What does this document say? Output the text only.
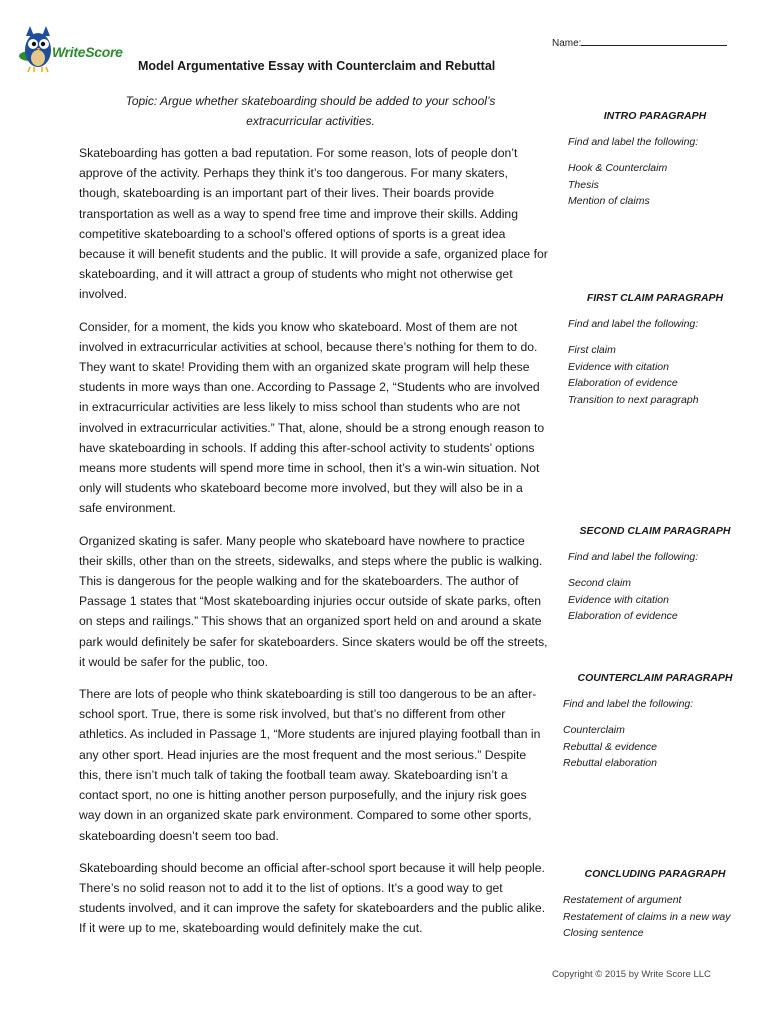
WriteScore
Name:
Model Argumentative Essay with Counterclaim and Rebuttal
Topic: Argue whether skateboarding should be added to your school’s extracurricular activities.

Skateboarding has gotten a bad reputation. For some reason, lots of people don’t approve of the activity. Perhaps they think it’s too dangerous. For many skaters, though, skateboarding is an important part of their lives. Their boards provide transportation as well as a way to spend free time and improve their skills. Adding competitive skateboarding to a school’s offered options of sports is a great idea because it will benefit students and the public. It will provide a safe, organized place for skateboarding, and it will attract a group of students who might not otherwise get involved.

Consider, for a moment, the kids you know who skateboard. Most of them are not involved in extracurricular activities at school, because there’s nothing for them to do. They want to skate! Providing them with an organized skate program will help these students in more ways than one. According to Passage 2, “Students who are involved in extracurricular activities are less likely to miss school than students who are not involved in extracurricular activities.” That, alone, should be a strong enough reason to have skateboarding in schools. If adding this after-school activity to students’ options means more students will spend more time in school, then it’s a win-win situation. Not only will students who skateboard become more involved, but they will also be in a safe environment.

Organized skating is safer. Many people who skateboard have nowhere to practice their skills, other than on the streets, sidewalks, and steps where the public is walking. This is dangerous for the people walking and for the skateboarders. The author of Passage 1 states that “Most skateboarding injuries occur outside of skate parks, often on steps and railings.” This shows that an organized sport held on and around a skate park would definitely be safer for skateboarders. Since skaters would be off the streets, it would be safer for the public, too.

There are lots of people who think skateboarding is still too dangerous to be an after-school sport. True, there is some risk involved, but that’s no different from other athletics. As included in Passage 1, “More students are injured playing football than in any other sport. Head injuries are the most frequent and the most serious.” Despite this, there isn’t much talk of taking the football team away. Skateboarding isn’t a contact sport, no one is hitting another person purposefully, and the injury risk goes way down in an organized skate park environment. Compared to some other sports, skateboarding doesn’t seem too bad.

Skateboarding should become an official after-school sport because it will help people. There’s no solid reason not to add it to the list of options. It’s a good way to get students involved, and it can improve the safety for skateboarders and the public alike. If it were up to me, skateboarding would definitely make the cut.

INTRO PARAGRAPH
Find and label the following:
Hook & Counterclaim
Thesis
Mention of claims
FIRST CLAIM PARAGRAPH
Find and label the following:
First claim
Evidence with citation
Elaboration of evidence
Transition to next paragraph
SECOND CLAIM PARAGRAPH
Find and label the following:
Second claim
Evidence with citation
Elaboration of evidence
COUNTERCLAIM PARAGRAPH
Find and label the following:
Counterclaim
Rebuttal & evidence
Rebuttal elaboration
CONCLUDING PARAGRAPH
Restatement of argument
Restatement of claims in a new way
Closing sentence
Copyright © 2015 by Write Score LLC
